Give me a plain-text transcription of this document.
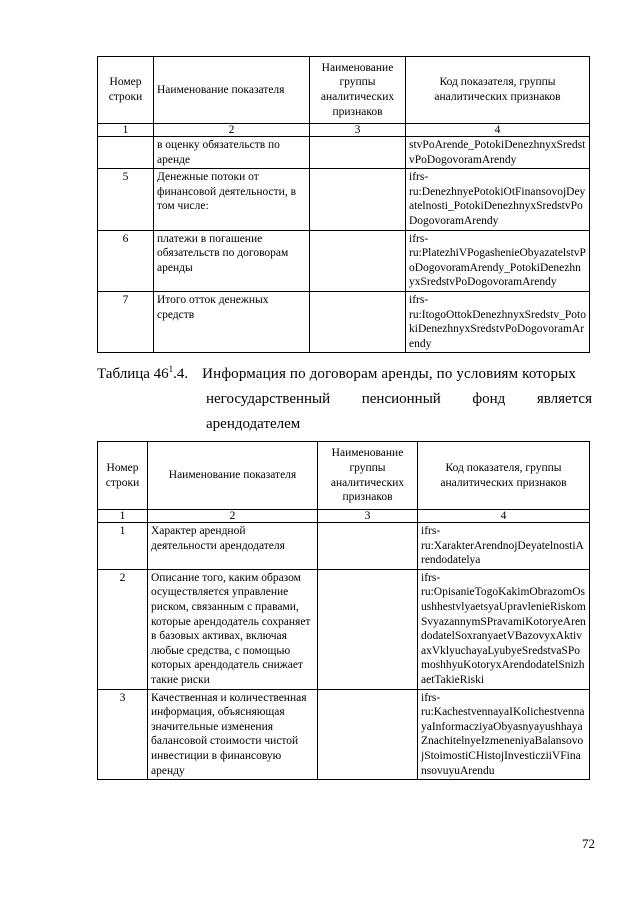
Номер строки	Наименование показателя	Наименование группы аналитических признаков	Код показателя, группы аналитических признаков
1	2	3	4
	в оценку обязательств по аренде		stvPoArende_PotokiDenezhnyxSredstvPoDogovoramArendy
5	Денежные потоки от финансовой деятельности, в том числе:		ifrs-ru:DenezhnyePotokiOtFinansovojDeyatelnosti_PotokiDenezhnyxSredstvPoDogovoramArendy
6	платежи в погашение обязательств по договорам аренды		ifrs-ru:PlatezhiVPogashenieObyazatelstvPoDogovoramArendy_PotokiDenezhnyxSredstvPoDogovoramArendy
7	Итого отток денежных средств		ifrs-ru:ItogoOttokDenezhnyxSredstv_PotokiDenezhnyxSredstvPoDogovoramArendy
Таблица $46^1.4$. Информация по договорам аренды, по условиям которых
негосударственный пенсионный фонд является
арендодателем
Номер строки	Наименование показателя	Наименование группы аналитических признаков	Код показателя, группы аналитических признаков
1	2	3	4
1	Характер арендной деятельности арендодателя		ifrs-ru:XarakterArendnojDeyatelnostiArendodatelya
2	Описание того, каким образом осуществляется управление риском, связанным с правами, которые арендодатель сохраняет в базовых активах, включая любые средства, с помощью которых арендодатель снижает такие риски		ifrs-ru:OpisanieTogoKakimObrazomOsushhestvlyaetsyaUpravlenieRiskomSvyazannymSPravamiKotoryeArendodatelSoxranyaetVBazovyxAktivaxVklyuchayaLyubyeSredstvaSPomoshhyuKotoryxArendodatelSnizhaetTakieRiski
3	Качественная и количественная информация, объясняющая значительные изменения балансовой стоимости чистой инвестиции в финансовую аренду		ifrs-ru:KachestvennayaIKolichestvennayaInformacziyaObyasnyayushhayaZnachitelnyeIzmeneniyaBalansovojStoimostiCHistojInvesticziiVFinansovuyuArendu
72
